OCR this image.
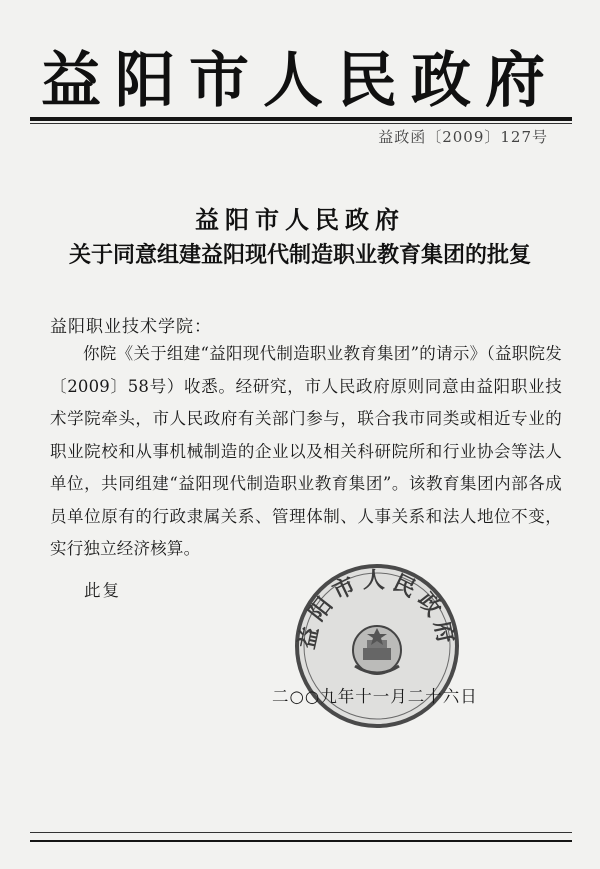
益阳市人民政府
益政函〔2009〕127号
益阳市人民政府
关于同意组建益阳现代制造职业教育集团的批复
益阳职业技术学院：
你院《关于组建“益阳现代制造职业教育集团”的请示》（益职院发〔2009〕58号）收悉。经研究，市人民政府原则同意由益阳职业技术学院牵头，市人民政府有关部门参与，联合我市同类或相近专业的职业院校和从事机械制造的企业以及相关科研院所和行业协会等法人单位，共同组建“益阳现代制造职业教育集团”。该教育集团内部各成员单位原有的行政隶属关系、管理体制、人事关系和法人地位不变，实行独立经济核算。
此复
益阳市人民政府
二○○九年十一月二十六日
